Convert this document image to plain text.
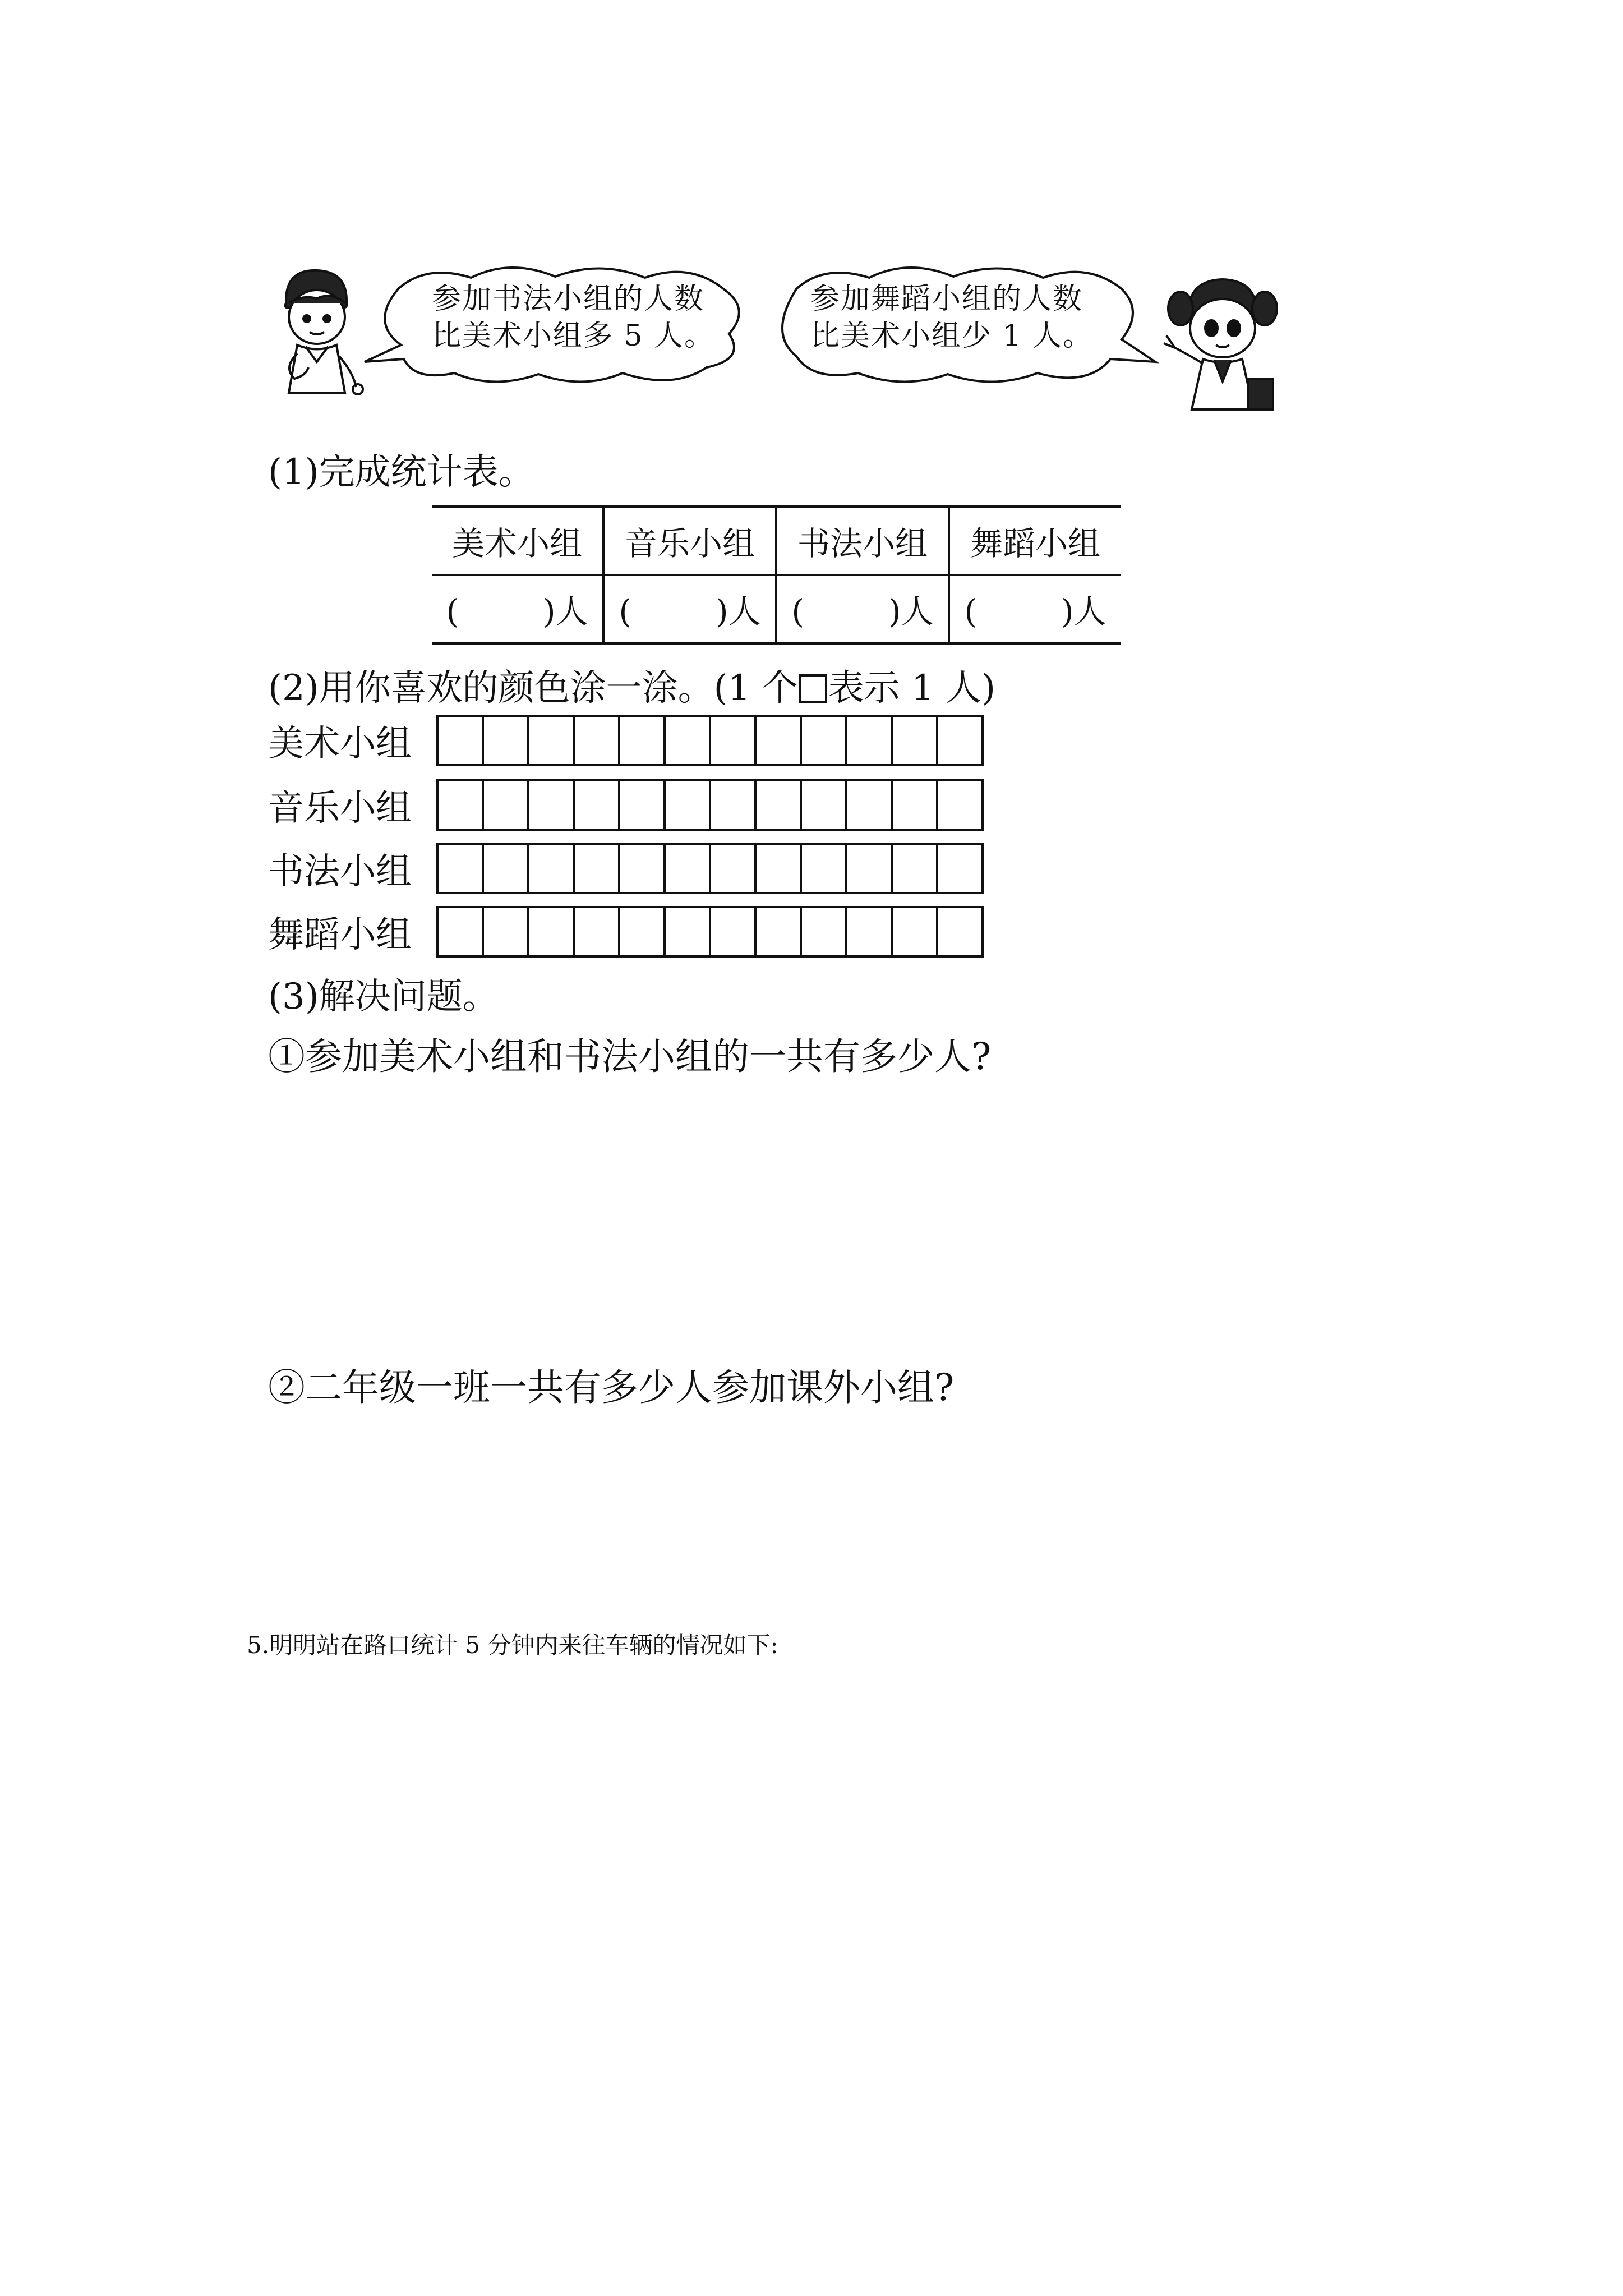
参加书法小组的人数
比美术小组多 5 人。
参加舞蹈小组的人数
比美术小组少 1 人。
(1)完成统计表。
美术小组	音乐小组	书法小组	舞蹈小组
( )人	( )人	( )人	( )人
(2)用你喜欢的颜色涂一涂。(1 个 表示 1 人)
美术小组
音乐小组
书法小组
舞蹈小组
(3)解决问题。
①参加美术小组和书法小组的一共有多少人?
②二年级一班一共有多少人参加课外小组?
5.明明站在路口统计 5 分钟内来往车辆的情况如下:
